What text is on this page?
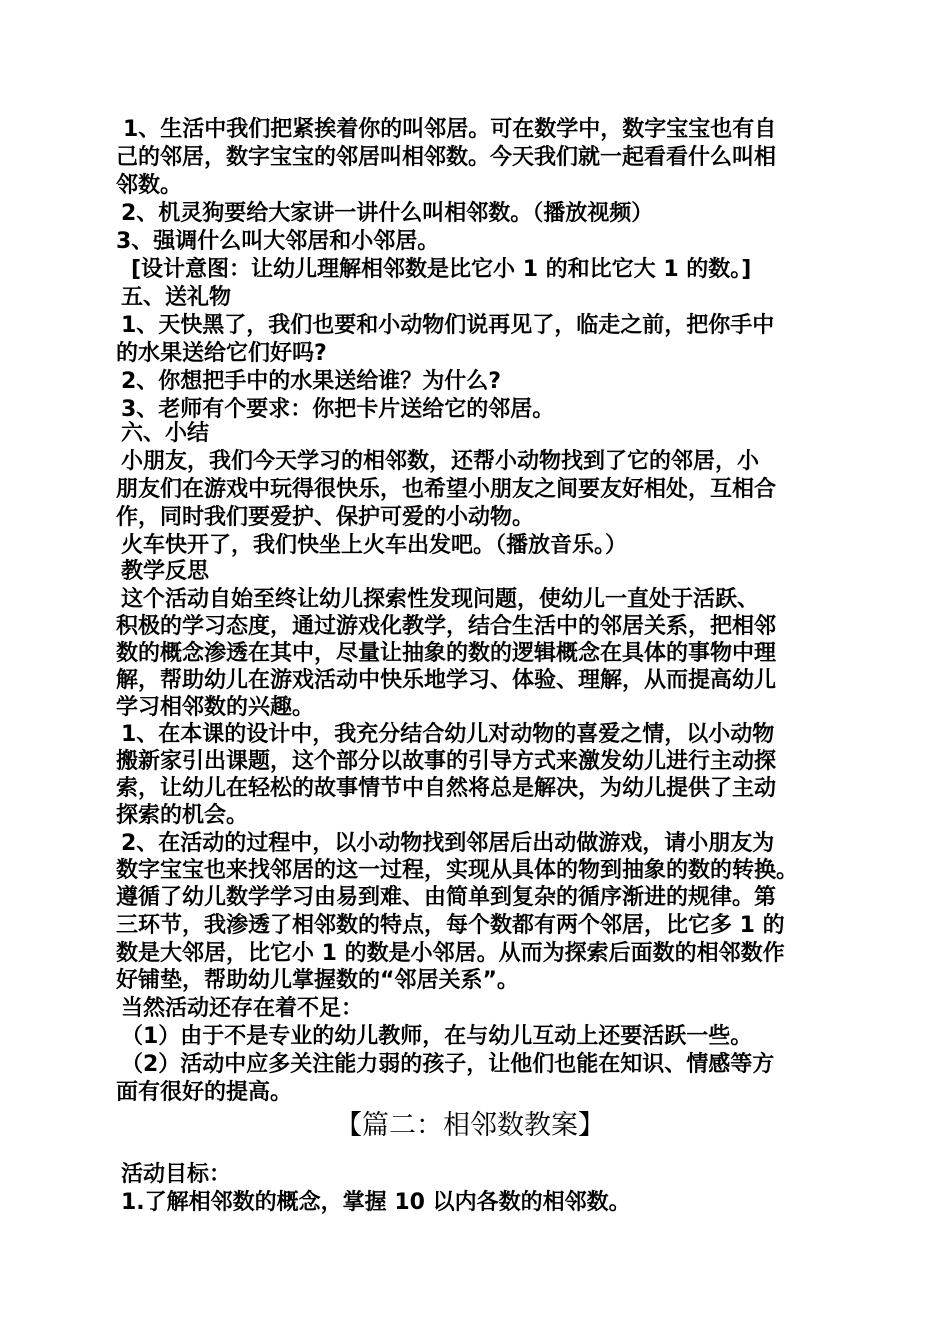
1、生活中我们把紧挨着你的叫邻居。可在数学中，数字宝宝也有自
己的邻居，数字宝宝的邻居叫相邻数。今天我们就一起看看什么叫相
邻数。
2、机灵狗要给大家讲一讲什么叫相邻数。（播放视频）
3、强调什么叫大邻居和小邻居。
[设计意图：让幼儿理解相邻数是比它小 1 的和比它大 1 的数。]
五、送礼物
1、天快黑了，我们也要和小动物们说再见了，临走之前，把你手中
的水果送给它们好吗?
2、你想把手中的水果送给谁？为什么?
3、老师有个要求：你把卡片送给它的邻居。
六、小结
小朋友，我们今天学习的相邻数，还帮小动物找到了它的邻居，小
朋友们在游戏中玩得很快乐，也希望小朋友之间要友好相处，互相合
作，同时我们要爱护、保护可爱的小动物。
火车快开了，我们快坐上火车出发吧。（播放音乐。）
教学反思
这个活动自始至终让幼儿探索性发现问题，使幼儿一直处于活跃、
积极的学习态度，通过游戏化教学，结合生活中的邻居关系，把相邻
数的概念渗透在其中，尽量让抽象的数的逻辑概念在具体的事物中理
解，帮助幼儿在游戏活动中快乐地学习、体验、理解，从而提高幼儿
学习相邻数的兴趣。
1、在本课的设计中，我充分结合幼儿对动物的喜爱之情，以小动物
搬新家引出课题，这个部分以故事的引导方式来激发幼儿进行主动探
索，让幼儿在轻松的故事情节中自然将总是解决，为幼儿提供了主动
探索的机会。
2、在活动的过程中，以小动物找到邻居后出动做游戏，请小朋友为
数字宝宝也来找邻居的这一过程，实现从具体的物到抽象的数的转换。
遵循了幼儿数学学习由易到难、由简单到复杂的循序渐进的规律。第
三环节，我渗透了相邻数的特点，每个数都有两个邻居，比它多 1 的
数是大邻居，比它小 1 的数是小邻居。从而为探索后面数的相邻数作
好铺垫，帮助幼儿掌握数的“邻居关系”。
当然活动还存在着不足：
（1）由于不是专业的幼儿教师，在与幼儿互动上还要活跃一些。
（2）活动中应多关注能力弱的孩子，让他们也能在知识、情感等方
面有很好的提高。
【篇二：相邻数教案】
活动目标：
1.了解相邻数的概念，掌握 10 以内各数的相邻数。
